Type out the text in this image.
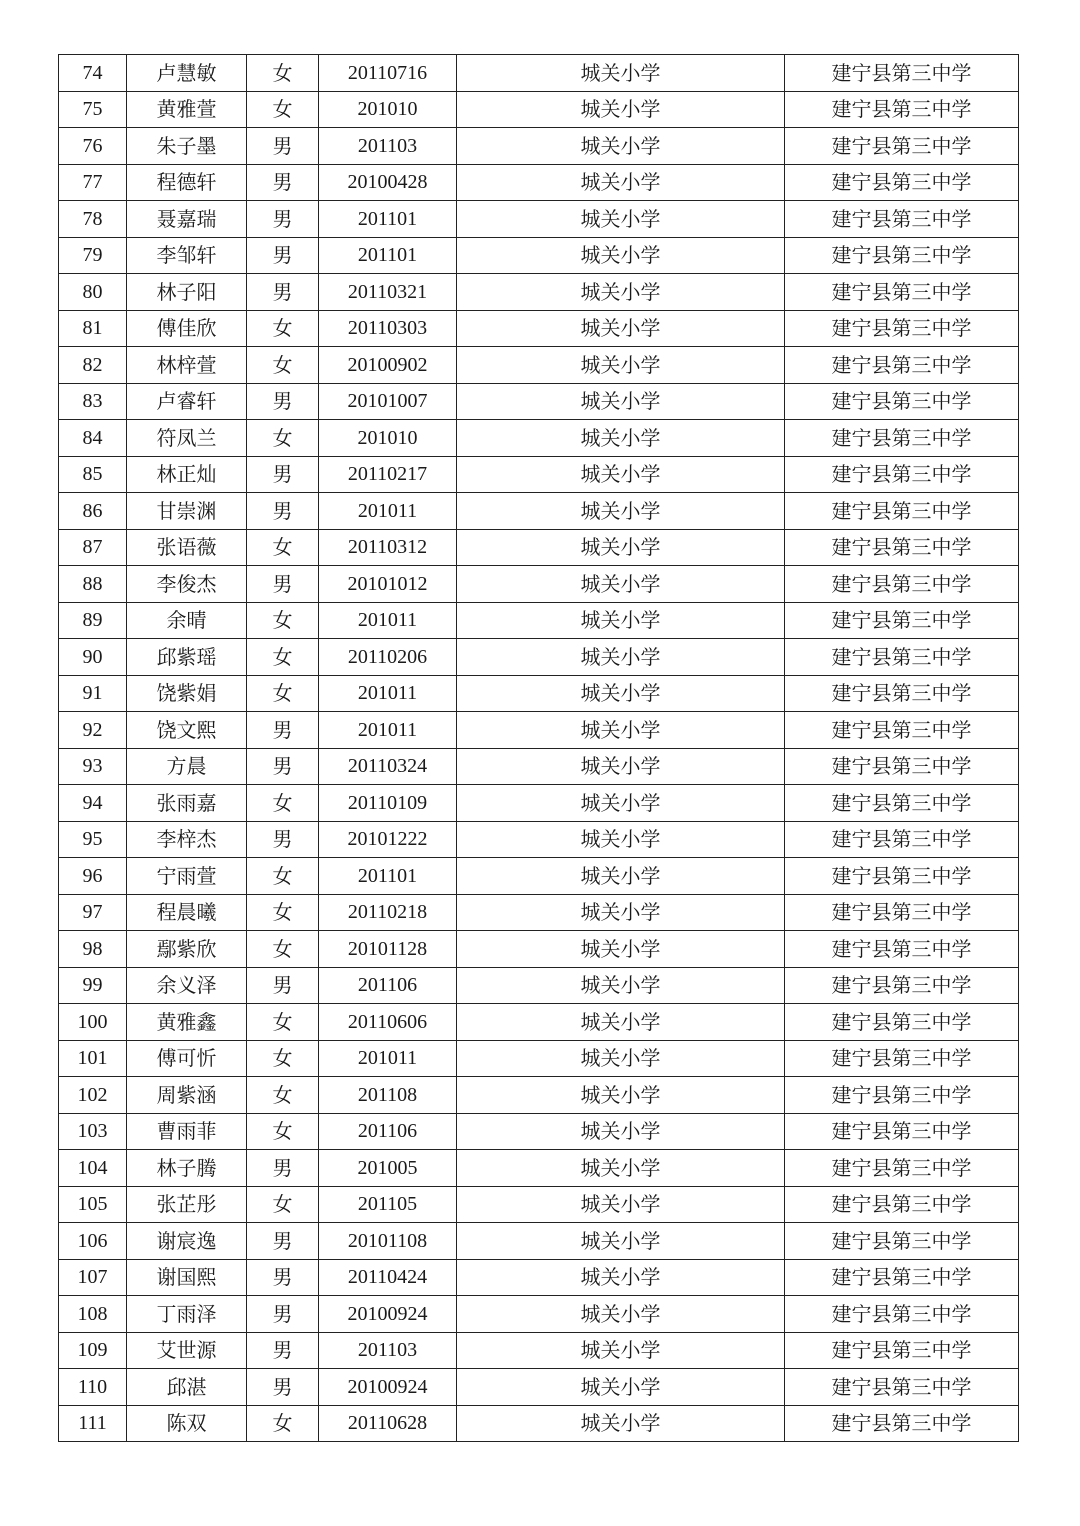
74	卢慧敏	女	20110716	城关小学	建宁县第三中学
75	黄雅萱	女	201010	城关小学	建宁县第三中学
76	朱子墨	男	201103	城关小学	建宁县第三中学
77	程德轩	男	20100428	城关小学	建宁县第三中学
78	聂嘉瑞	男	201101	城关小学	建宁县第三中学
79	李邹轩	男	201101	城关小学	建宁县第三中学
80	林子阳	男	20110321	城关小学	建宁县第三中学
81	傅佳欣	女	20110303	城关小学	建宁县第三中学
82	林梓萱	女	20100902	城关小学	建宁县第三中学
83	卢睿轩	男	20101007	城关小学	建宁县第三中学
84	符凤兰	女	201010	城关小学	建宁县第三中学
85	林正灿	男	20110217	城关小学	建宁县第三中学
86	甘崇渊	男	201011	城关小学	建宁县第三中学
87	张语薇	女	20110312	城关小学	建宁县第三中学
88	李俊杰	男	20101012	城关小学	建宁县第三中学
89	余晴	女	201011	城关小学	建宁县第三中学
90	邱紫瑶	女	20110206	城关小学	建宁县第三中学
91	饶紫娟	女	201011	城关小学	建宁县第三中学
92	饶文熙	男	201011	城关小学	建宁县第三中学
93	方晨	男	20110324	城关小学	建宁县第三中学
94	张雨嘉	女	20110109	城关小学	建宁县第三中学
95	李梓杰	男	20101222	城关小学	建宁县第三中学
96	宁雨萱	女	201101	城关小学	建宁县第三中学
97	程晨曦	女	20110218	城关小学	建宁县第三中学
98	鄢紫欣	女	20101128	城关小学	建宁县第三中学
99	余义泽	男	201106	城关小学	建宁县第三中学
100	黄雅鑫	女	20110606	城关小学	建宁县第三中学
101	傅可忻	女	201011	城关小学	建宁县第三中学
102	周紫涵	女	201108	城关小学	建宁县第三中学
103	曹雨菲	女	201106	城关小学	建宁县第三中学
104	林子腾	男	201005	城关小学	建宁县第三中学
105	张芷彤	女	201105	城关小学	建宁县第三中学
106	谢宸逸	男	20101108	城关小学	建宁县第三中学
107	谢国熙	男	20110424	城关小学	建宁县第三中学
108	丁雨泽	男	20100924	城关小学	建宁县第三中学
109	艾世源	男	201103	城关小学	建宁县第三中学
110	邱湛	男	20100924	城关小学	建宁县第三中学
111	陈双	女	20110628	城关小学	建宁县第三中学
